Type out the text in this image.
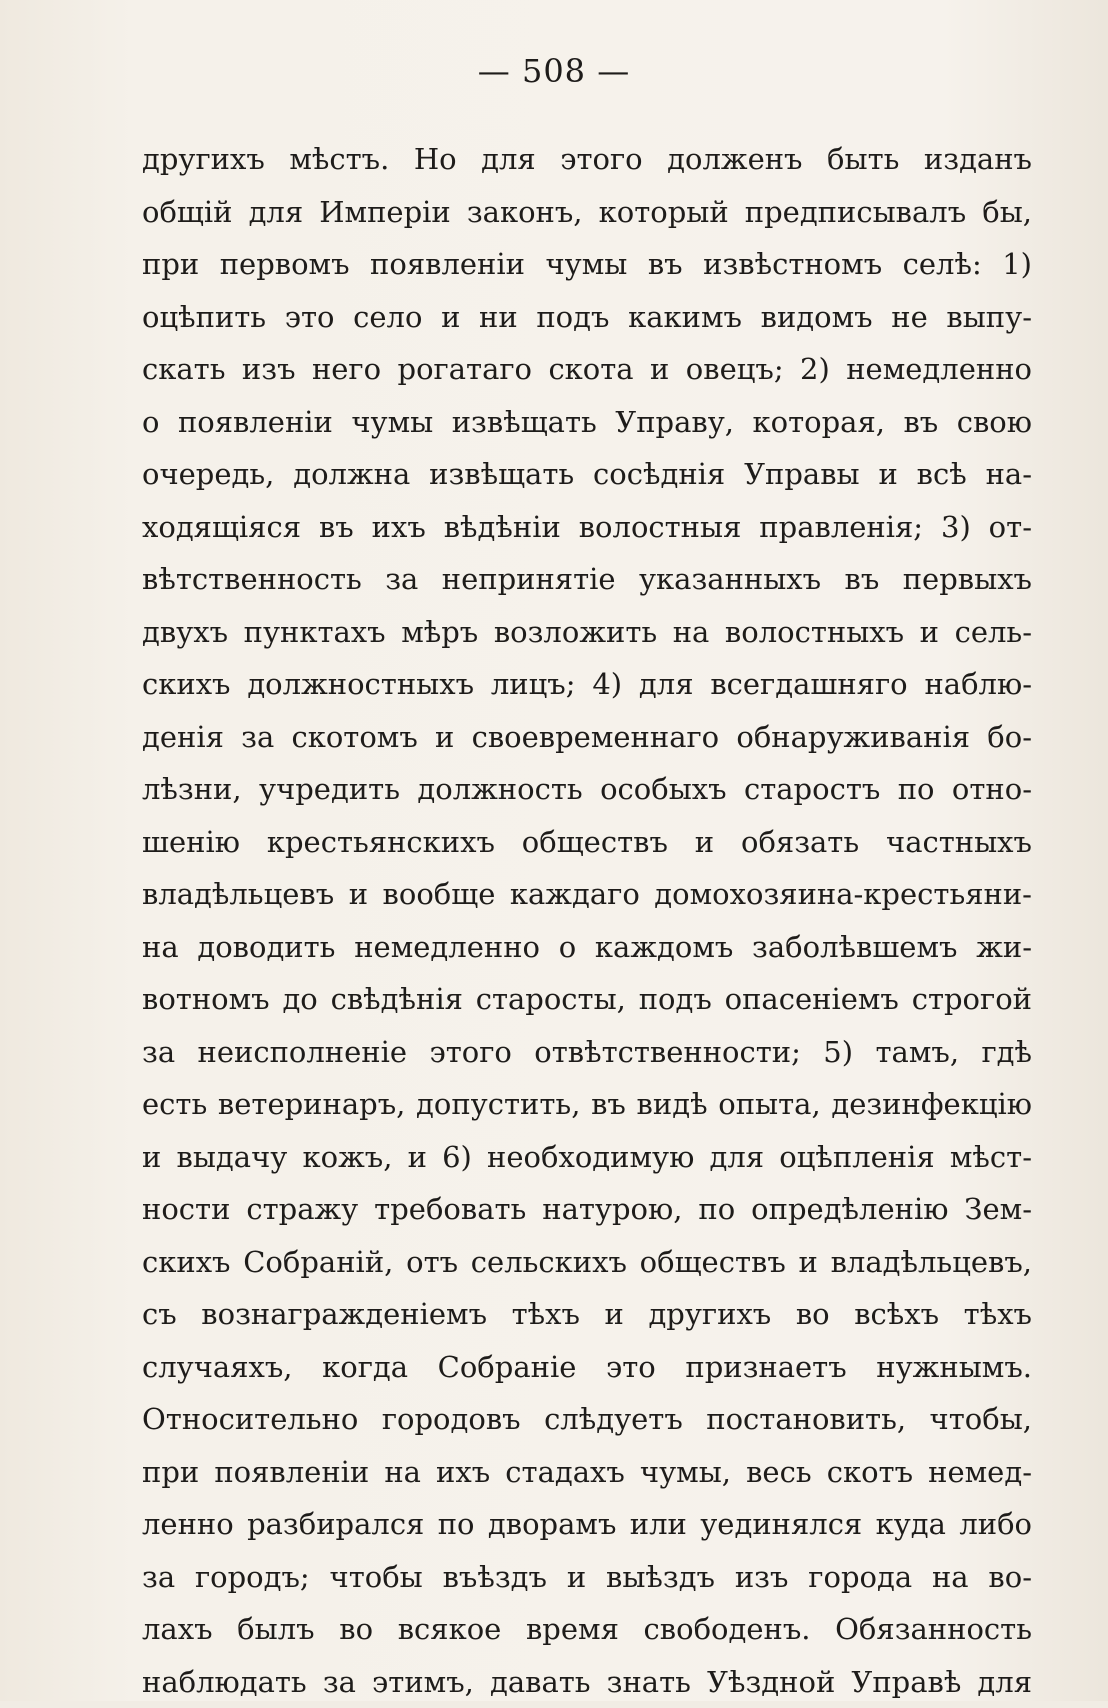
— 508 —
другихъ мѣстъ. Но для этого долженъ быть изданъ
общій для Имперіи законъ, который предписывалъ бы,
при первомъ появленіи чумы въ извѣстномъ селѣ: 1)
оцѣпить это село и ни подъ какимъ видомъ не выпу-
скать изъ него рогатаго скота и овецъ; 2) немедленно
о появленіи чумы извѣщать Управу, которая, въ свою
очередь, должна извѣщать сосѣднія Управы и всѣ на-
ходящіяся въ ихъ вѣдѣніи волостныя правленія; 3) от-
вѣтственность за непринятіе указанныхъ въ первыхъ
двухъ пунктахъ мѣръ возложить на волостныхъ и сель-
скихъ должностныхъ лицъ; 4) для всегдашняго наблю-
денія за скотомъ и своевременнаго обнаруживанія бо-
лѣзни, учредить должность особыхъ старостъ по отно-
шенію крестьянскихъ обществъ и обязать частныхъ
владѣльцевъ и вообще каждаго домохозяина-крестьяни-
на доводить немедленно о каждомъ заболѣвшемъ жи-
вотномъ до свѣдѣнія старосты, подъ опасеніемъ строгой
за неисполненіе этого отвѣтственности; 5) тамъ, гдѣ
есть ветеринаръ, допустить, въ видѣ опыта, дезинфекцію
и выдачу кожъ, и 6) необходимую для оцѣпленія мѣст-
ности стражу требовать натурою, по опредѣленію Зем-
скихъ Собраній, отъ сельскихъ обществъ и владѣльцевъ,
съ вознагражденіемъ тѣхъ и другихъ во всѣхъ тѣхъ
случаяхъ, когда Собраніе это признаетъ нужнымъ.
Относительно городовъ слѣдуетъ постановить, чтобы,
при появленіи на ихъ стадахъ чумы, весь скотъ немед-
ленно разбирался по дворамъ или уединялся куда либо
за городъ; чтобы въѣздъ и выѣздъ изъ города на во-
лахъ былъ во всякое время свободенъ. Обязанность
наблюдать за этимъ, давать знать Уѣздной Управѣ для
